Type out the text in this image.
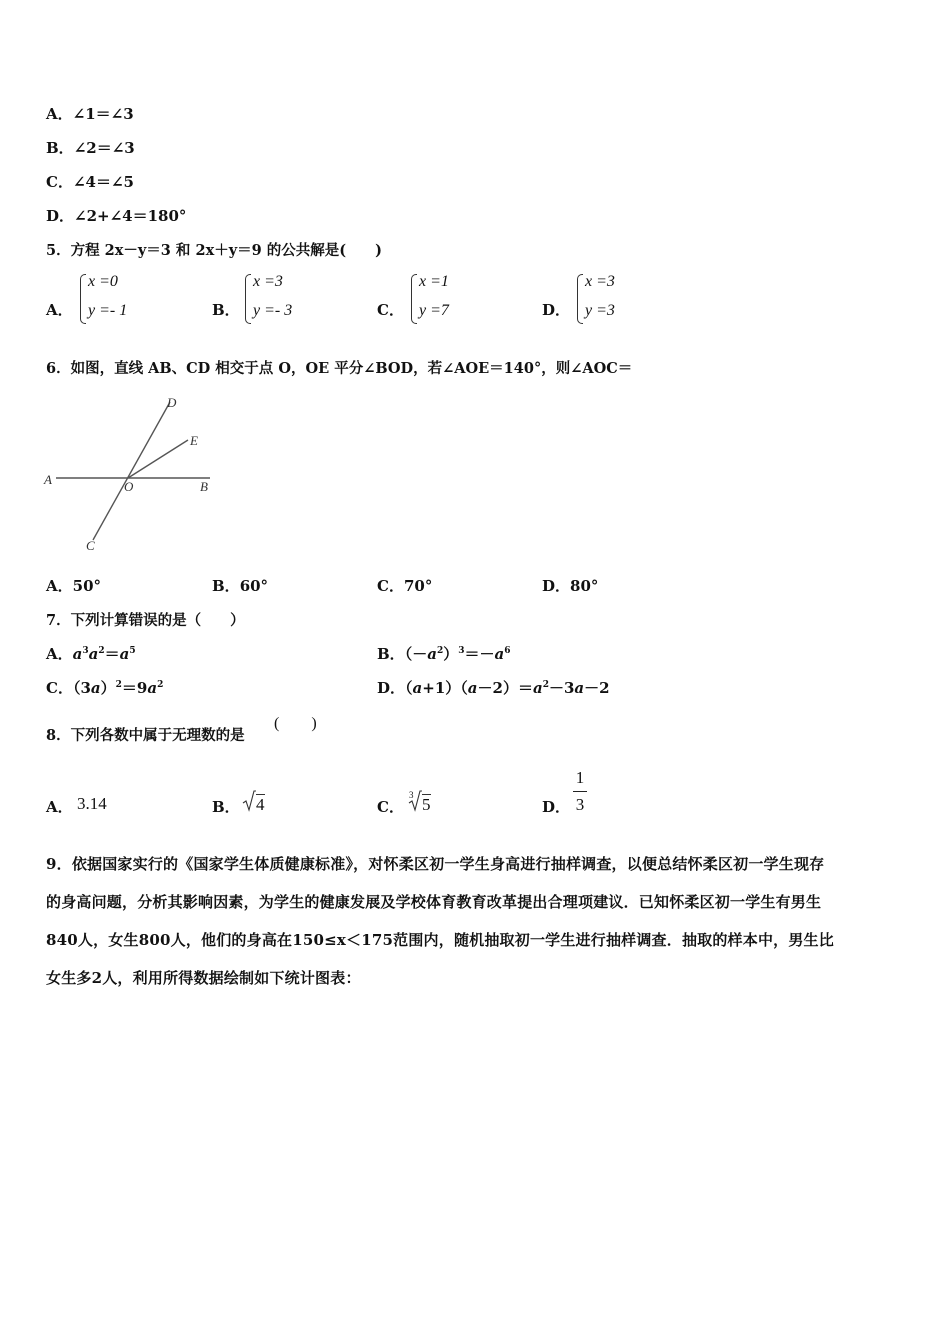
A．∠1＝∠3
B．∠2＝∠3
C．∠4＝∠5
D．∠2+∠4＝180°
5．方程 2x－y＝3 和 2x＋y＝9 的公共解是(　　)
A．
x =0
y =- 1	B．
x =3
y =- 3	C．
x =1
y =7	D．
x =3
y =3
6．如图，直线 AB、CD 相交于点 O，OE 平分∠BOD，若∠AOE＝140°，则∠AOC＝
A	B
C
D
E
O
A．50°	B．60°	C．70°	D．80°
7．下列计算错误的是（　　）
A．$a^3a^2=a^5$	B．$(-a^2)^3=-a^6$
C．$(3a)^2=9a^2$	D．$(a+1)(a-2)=a^2-3a-2$
8．下列各数中属于无理数的是
(　　)
A． 3.14	B． 4	C．
3 5	D．
1
3
9．依据国家实行的《国家学生体质健康标准》，对怀柔区初一学生身高进行抽样调查，以便总结怀柔区初一学生现存
的身高问题，分析其影响因素，为学生的健康发展及学校体育教育改革提出合理项建议．已知怀柔区初一学生有男生
840人，女生800人，他们的身高在150≤x＜175范围内，随机抽取初一学生进行抽样调查．抽取的样本中，男生比
女生多2人，利用所得数据绘制如下统计图表：
